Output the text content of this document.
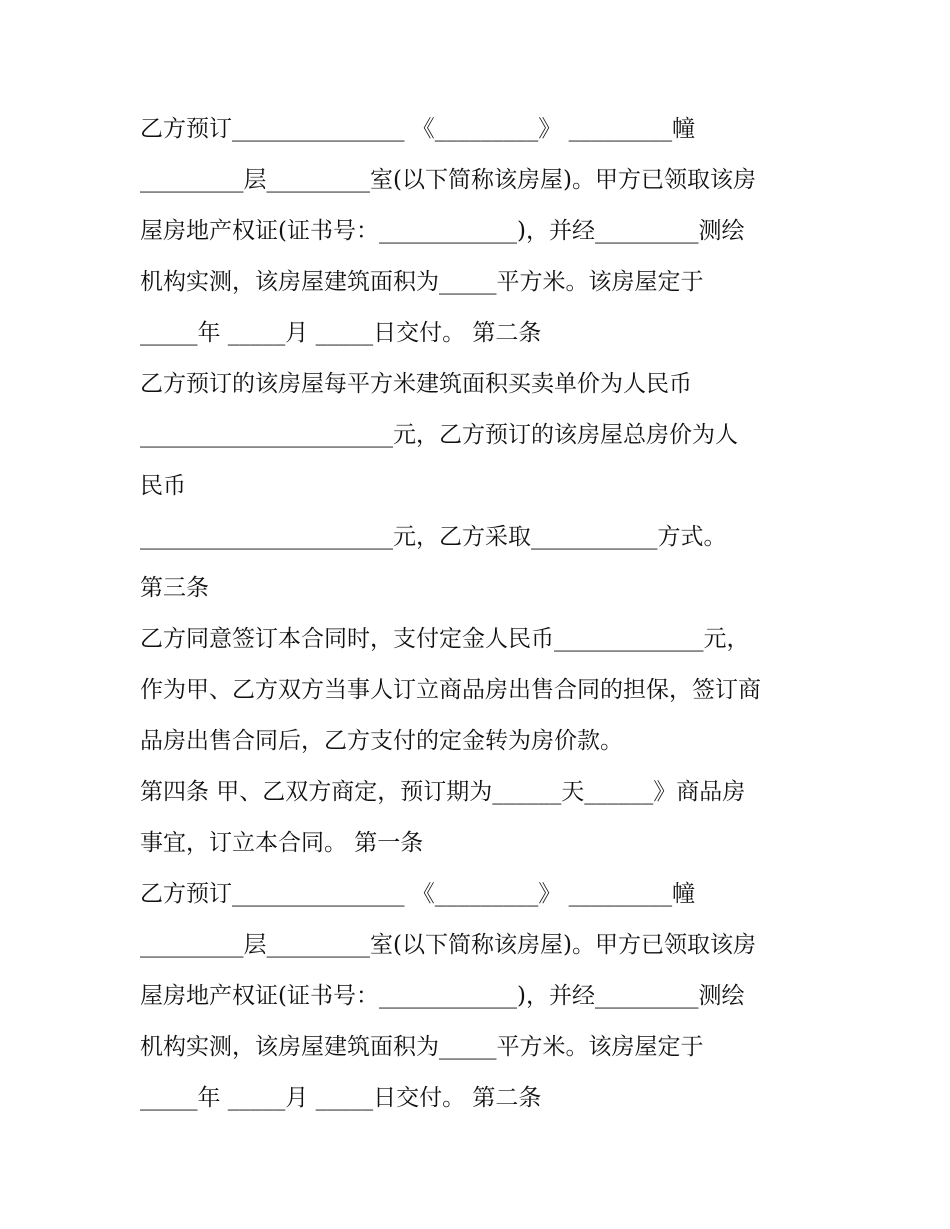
乙方预订_______________ 《_________》 _________幢

_________层_________室(以下简称该房屋)。甲方已领取该房

屋房地产权证(证书号：____________)，并经_________测绘

机构实测，该房屋建筑面积为_____平方米。该房屋定于

_____年 _____月 _____日交付。 第二条

乙方预订的该房屋每平方米建筑面积买卖单价为人民币

______________________元，乙方预订的该房屋总房价为人

民币

______________________元，乙方采取___________方式。

第三条

乙方同意签订本合同时，支付定金人民币_____________元，

作为甲、乙方双方当事人订立商品房出售合同的担保，签订商

品房出售合同后，乙方支付的定金转为房价款。

第四条 甲、乙双方商定，预订期为______天______》商品房

事宜，订立本合同。 第一条

乙方预订_______________ 《_________》 _________幢

_________层_________室(以下简称该房屋)。甲方已领取该房

屋房地产权证(证书号：____________)，并经_________测绘

机构实测，该房屋建筑面积为_____平方米。该房屋定于

_____年 _____月 _____日交付。 第二条
